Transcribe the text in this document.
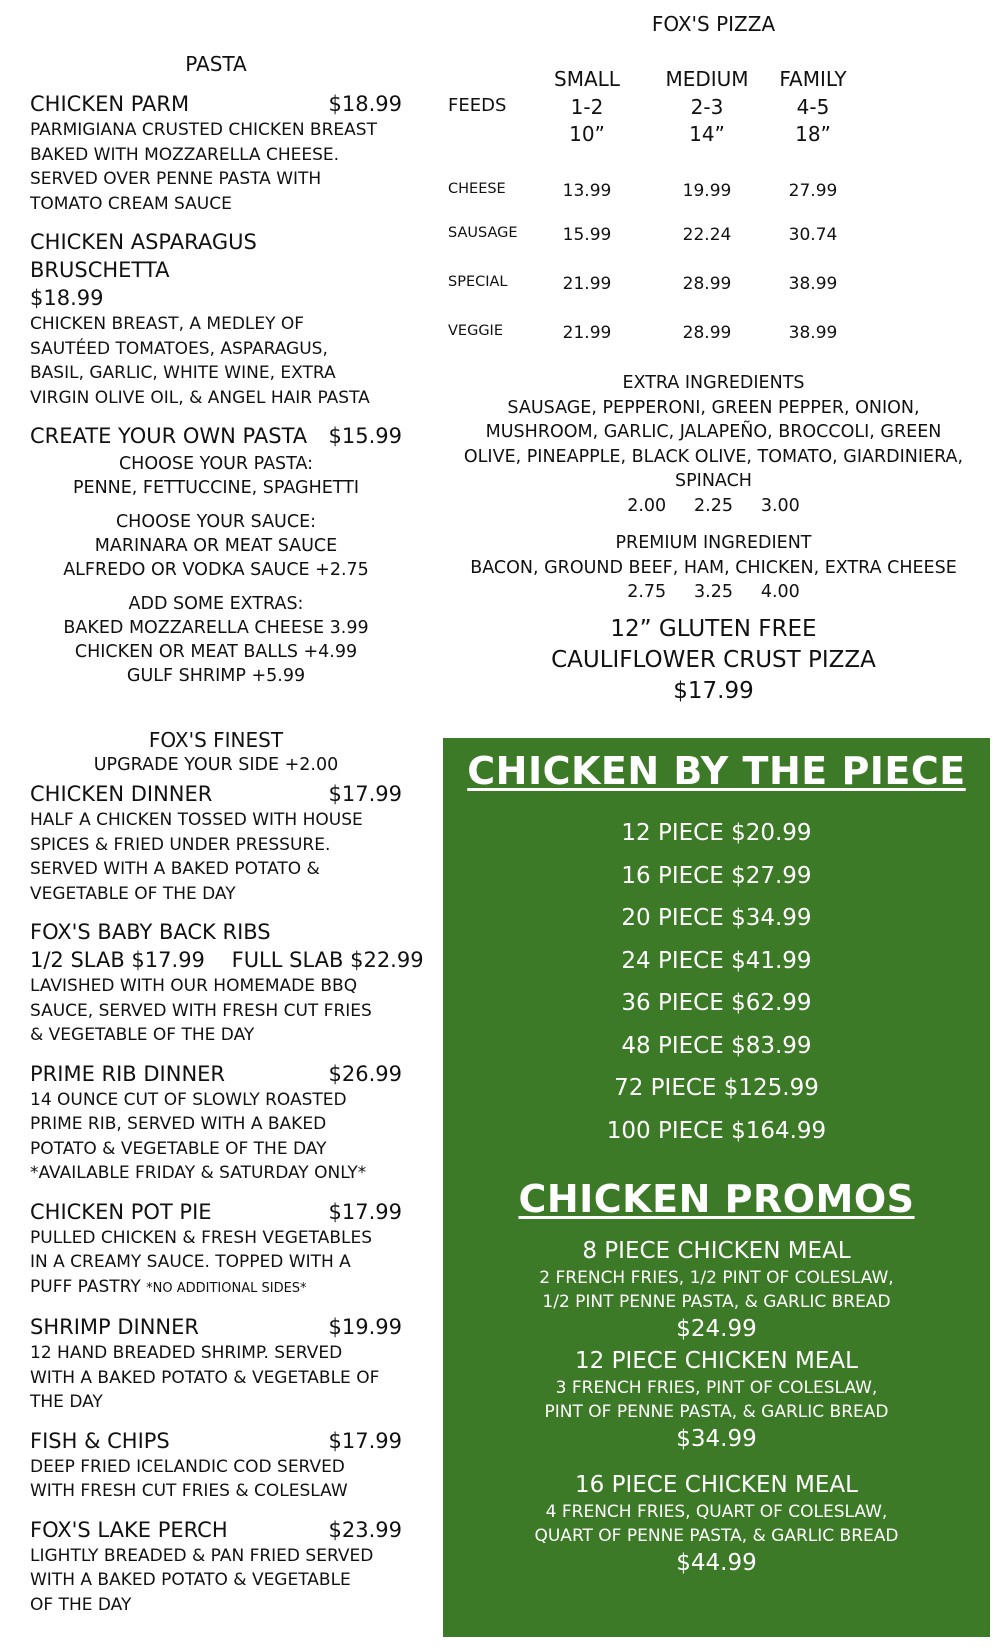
PASTA
CHICKEN PARM	$18.99

PARMIGIANA CRUSTED CHICKEN BREAST

BAKED WITH MOZZARELLA CHEESE.

SERVED OVER PENNE PASTA WITH

TOMATO CREAM SAUCE

CHICKEN ASPARAGUS BRUSCHETTA
$18.99

CHICKEN BREAST, A MEDLEY OF

SAUTÉED TOMATOES, ASPARAGUS,

BASIL, GARLIC, WHITE WINE, EXTRA

VIRGIN OLIVE OIL, & ANGEL HAIR PASTA

CREATE YOUR OWN PASTA	$15.99
CHOOSE YOUR PASTA:
PENNE, FETTUCCINE, SPAGHETTI
CHOOSE YOUR SAUCE:
MARINARA OR MEAT SAUCE
ALFREDO OR VODKA SAUCE +2.75
ADD SOME EXTRAS:
BAKED MOZZARELLA CHEESE 3.99
CHICKEN OR MEAT BALLS +4.99
GULF SHRIMP +5.99
FOX'S FINEST
UPGRADE YOUR SIDE +2.00
CHICKEN DINNER	$17.99

HALF A CHICKEN TOSSED WITH HOUSE

SPICES & FRIED UNDER PRESSURE.

SERVED WITH A BAKED POTATO &

VEGETABLE OF THE DAY

FOX'S BABY BACK RIBS
1/2 SLAB $17.99    FULL SLAB $22.99

LAVISHED WITH OUR HOMEMADE BBQ

SAUCE, SERVED WITH FRESH CUT FRIES

& VEGETABLE OF THE DAY

PRIME RIB DINNER	$26.99

14 OUNCE CUT OF SLOWLY ROASTED

PRIME RIB, SERVED WITH A BAKED

POTATO & VEGETABLE OF THE DAY

*AVAILABLE FRIDAY & SATURDAY ONLY*

CHICKEN POT PIE	$17.99

PULLED CHICKEN & FRESH VEGETABLES

IN A CREAMY SAUCE. TOPPED WITH A

PUFF PASTRY *NO ADDITIONAL SIDES*

SHRIMP DINNER	$19.99

12 HAND BREADED SHRIMP. SERVED

WITH A BAKED POTATO & VEGETABLE OF

THE DAY

FISH & CHIPS	$17.99

DEEP FRIED ICELANDIC COD SERVED

WITH FRESH CUT FRIES & COLESLAW

FOX'S LAKE PERCH	$23.99

LIGHTLY BREADED & PAN FRIED SERVED

WITH A BAKED POTATO & VEGETABLE

OF THE DAY

FOX'S PIZZA
SMALL	MEDIUM	FAMILY
FEEDS	1-2	2-3	4-5
10”	14”	18”
CHEESE	13.99	19.99	27.99
SAUSAGE	15.99	22.24	30.74
SPECIAL	21.99	28.99	38.99
VEGGIE	21.99	28.99	38.99
EXTRA INGREDIENTS
SAUSAGE, PEPPERONI, GREEN PEPPER, ONION,
MUSHROOM, GARLIC, JALAPEÑO, BROCCOLI, GREEN
OLIVE, PINEAPPLE, BLACK OLIVE, TOMATO, GIARDINIERA,
SPINACH
2.00 2.25 3.00
PREMIUM INGREDIENT
BACON, GROUND BEEF, HAM, CHICKEN, EXTRA CHEESE
2.75 3.25 4.00
12” GLUTEN FREE
CAULIFLOWER CRUST PIZZA
$17.99
CHICKEN BY THE PIECE
12 PIECE $20.99
16 PIECE $27.99
20 PIECE $34.99
24 PIECE $41.99
36 PIECE $62.99
48 PIECE $83.99
72 PIECE $125.99
100 PIECE $164.99
CHICKEN PROMOS
8 PIECE CHICKEN MEAL
2 FRENCH FRIES, 1/2 PINT OF COLESLAW,
1/2 PINT PENNE PASTA, & GARLIC BREAD
$24.99
12 PIECE CHICKEN MEAL
3 FRENCH FRIES, PINT OF COLESLAW,
PINT OF PENNE PASTA, & GARLIC BREAD
$34.99
16 PIECE CHICKEN MEAL
4 FRENCH FRIES, QUART OF COLESLAW,
QUART OF PENNE PASTA, & GARLIC BREAD
$44.99
